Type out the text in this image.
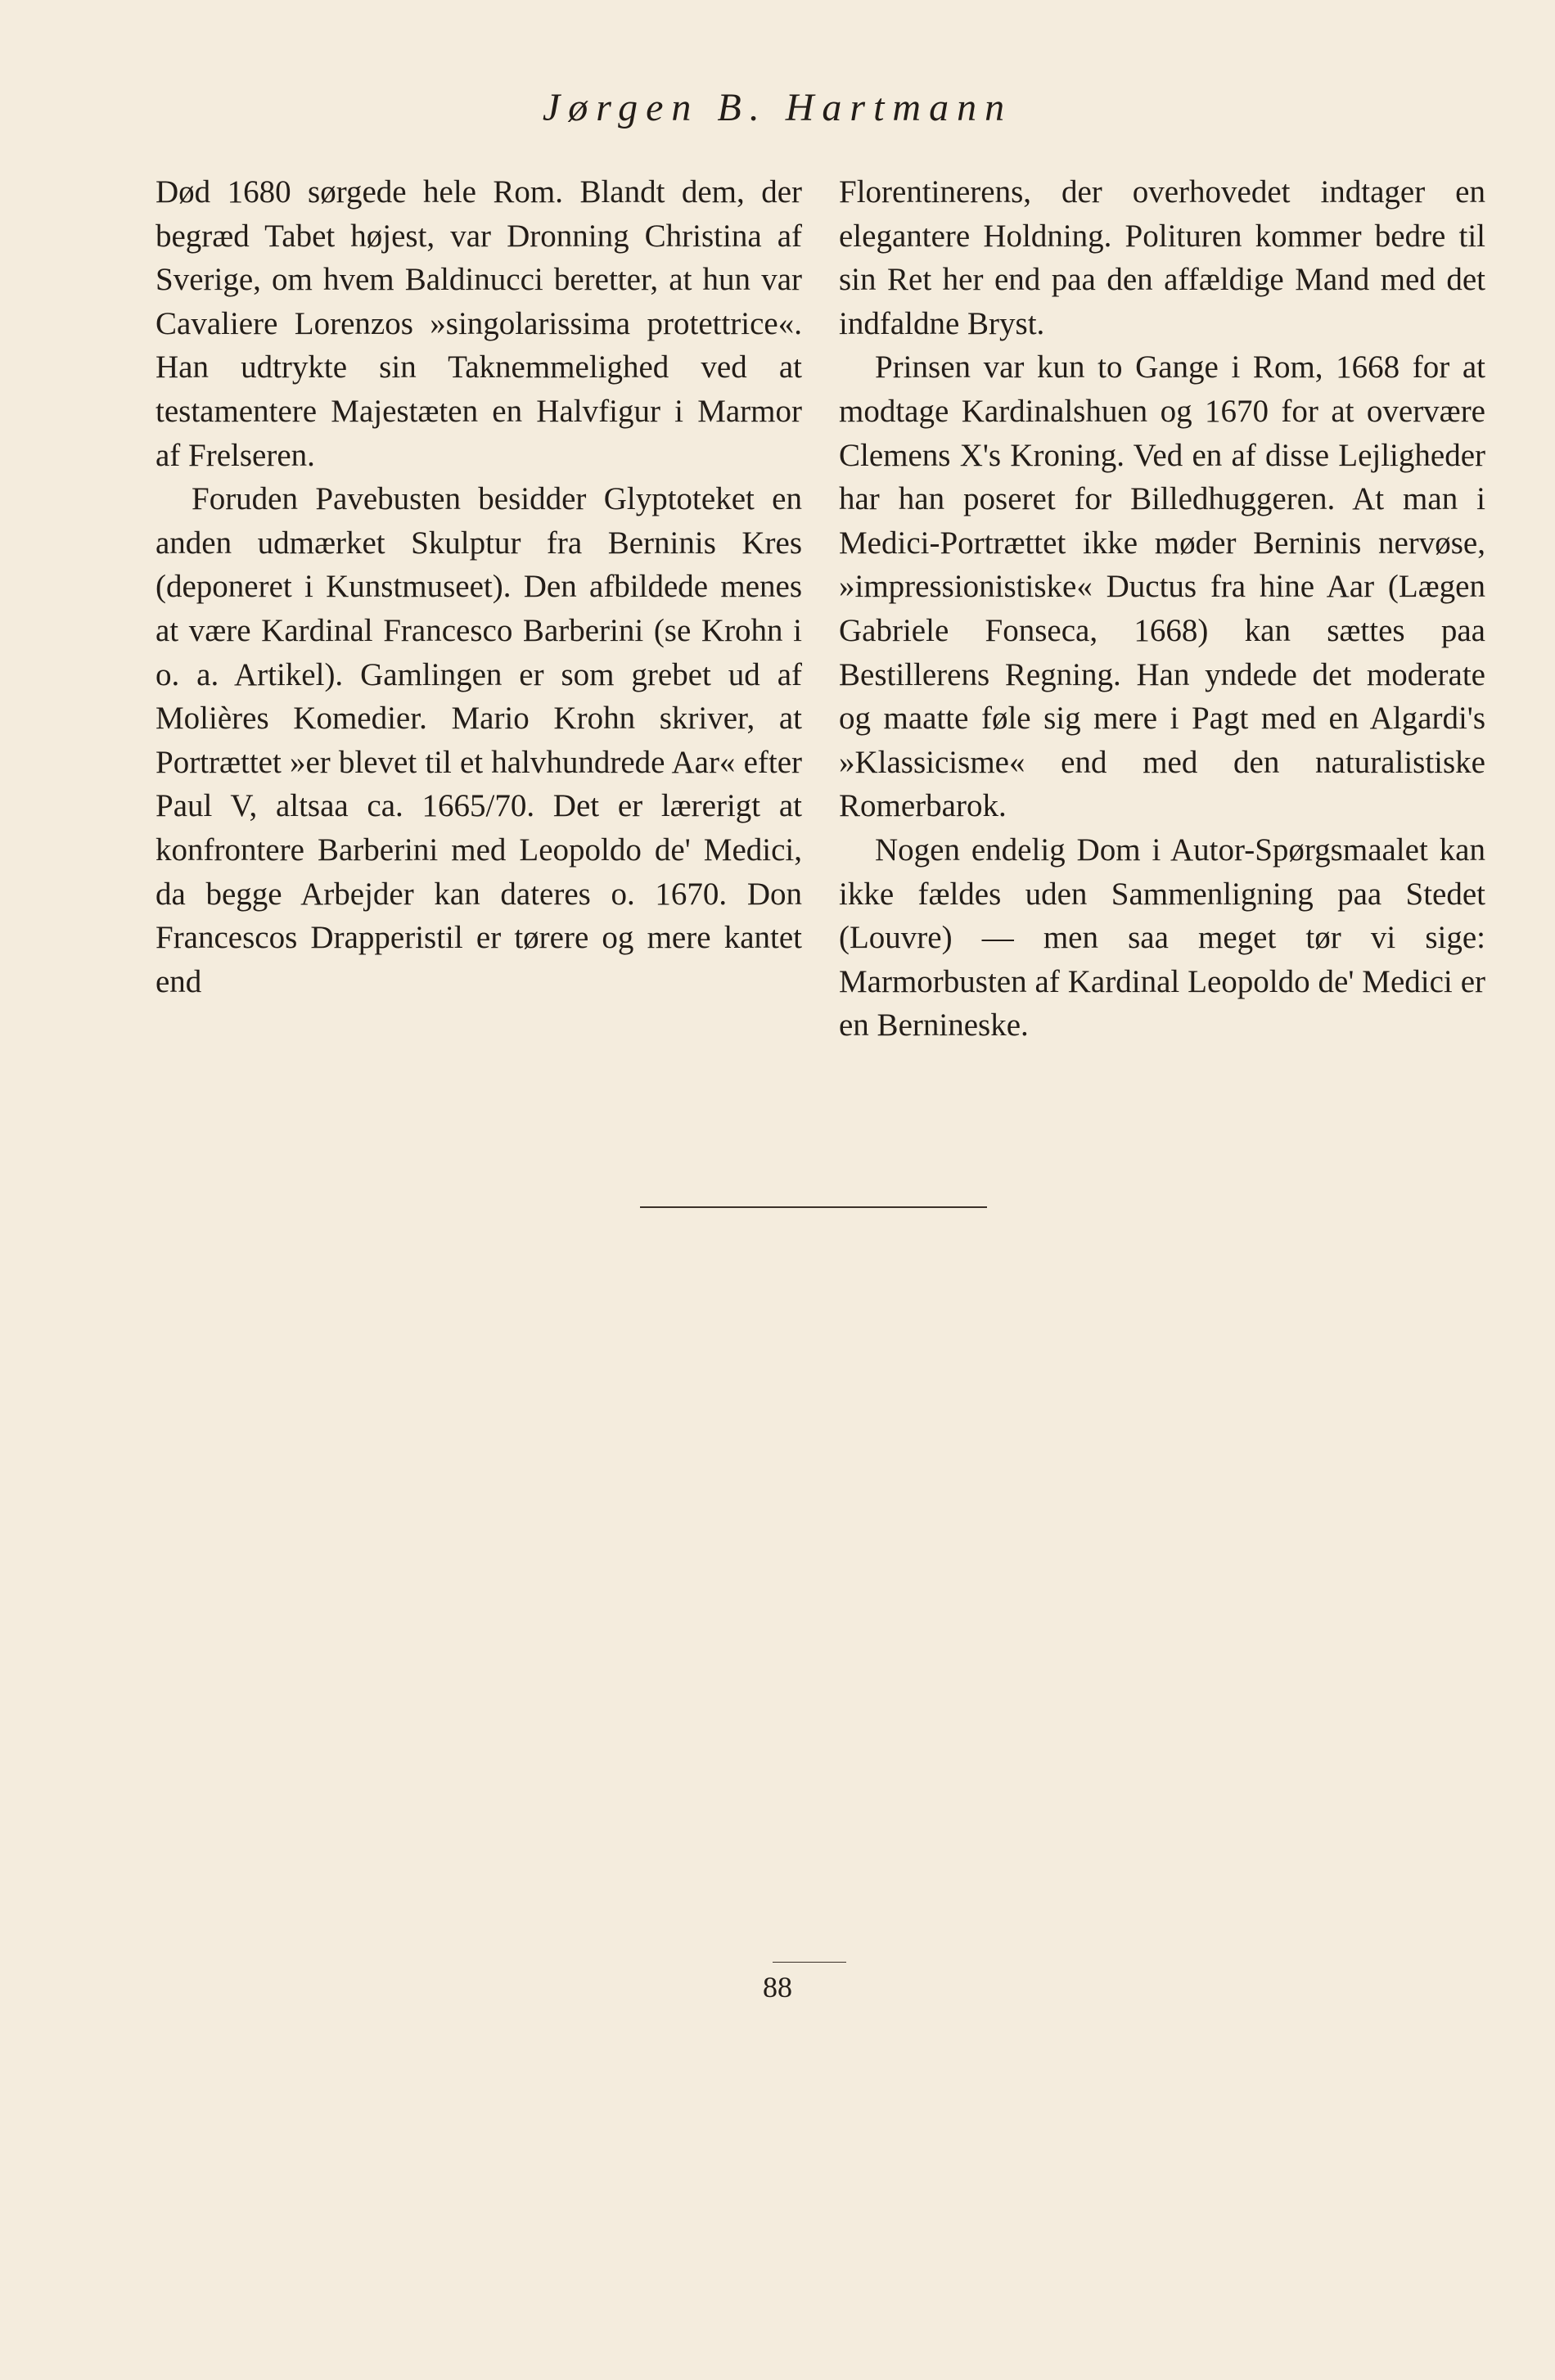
Jørgen B. Hartmann

Død 1680 sørgede hele Rom. Blandt dem, der begræd Tabet højest, var Dronning Christina af Sverige, om hvem Baldinucci beretter, at hun var Cavaliere Lorenzos »singolarissima protettrice«. Han udtrykte sin Taknemmelighed ved at testamentere Majestæten en Halvfigur i Marmor af Frelseren.

Foruden Pavebusten besidder Glyptoteket en anden udmærket Skulptur fra Berninis Kres (deponeret i Kunstmuseet). Den afbildede menes at være Kardinal Francesco Barberini (se Krohn i o. a. Artikel). Gamlingen er som grebet ud af Molières Komedier. Mario Krohn skriver, at Portrættet »er blevet til et halvhundrede Aar« efter Paul V, altsaa ca. 1665/70. Det er lærerigt at konfrontere Barberini med Leopoldo de' Medici, da begge Arbejder kan dateres o. 1670. Don Francescos Drapperistil er tørere og mere kantet end

Florentinerens, der overhovedet indtager en elegantere Holdning. Polituren kommer bedre til sin Ret her end paa den affældige Mand med det indfaldne Bryst.

Prinsen var kun to Gange i Rom, 1668 for at modtage Kardinalshuen og 1670 for at overvære Clemens X's Kroning. Ved en af disse Lejligheder har han poseret for Billedhuggeren. At man i Medici-Portrættet ikke møder Berninis nervøse, »impressionistiske« Ductus fra hine Aar (Lægen Gabriele Fonseca, 1668) kan sættes paa Bestillerens Regning. Han yndede det moderate og maatte føle sig mere i Pagt med en Algardi's »Klassicisme« end med den naturalistiske Romerbarok.

Nogen endelig Dom i Autor-Spørgsmaalet kan ikke fældes uden Sammenligning paa Stedet (Louvre) — men saa meget tør vi sige: Marmorbusten af Kardinal Leopoldo de' Medici er en Bernineske.

88
